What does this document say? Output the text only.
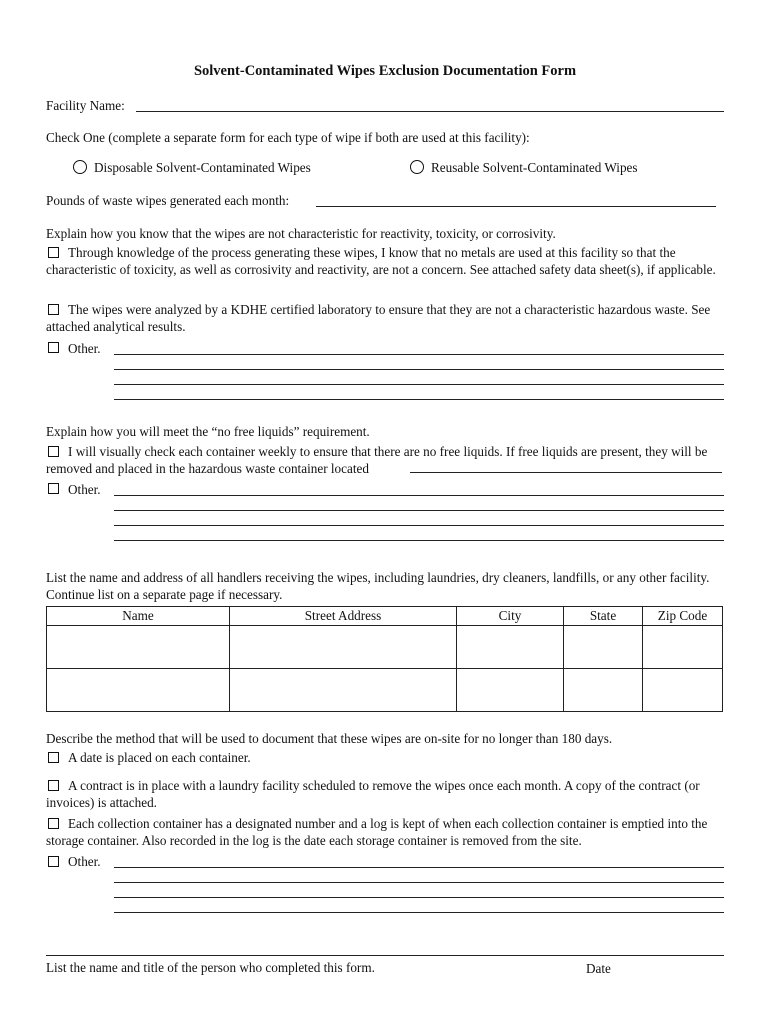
Solvent-Contaminated Wipes Exclusion Documentation Form
Facility Name:
Check One (complete a separate form for each type of wipe if both are used at this facility):
Disposable Solvent-Contaminated Wipes	Reusable Solvent-Contaminated Wipes
Pounds of waste wipes generated each month:
Explain how you know that the wipes are not characteristic for reactivity, toxicity, or corrosivity.
Through knowledge of the process generating these wipes, I know that no metals are used at this facility so that the characteristic of toxicity, as well as corrosivity and reactivity, are not a concern. See attached safety data sheet(s), if applicable.
The wipes were analyzed by a KDHE certified laboratory to ensure that they are not a characteristic hazardous waste. See attached analytical results.
Other.
Explain how you will meet the “no free liquids” requirement.
I will visually check each container weekly to ensure that there are no free liquids. If free liquids are present, they will be removed and placed in the hazardous waste container located
Other.
List the name and address of all handlers receiving the wipes, including laundries, dry cleaners, landfills, or any other facility. Continue list on a separate page if necessary.
Name	Street Address	City	State	Zip Code

Describe the method that will be used to document that these wipes are on-site for no longer than 180 days.
A date is placed on each container.
A contract is in place with a laundry facility scheduled to remove the wipes once each month. A copy of the contract (or invoices) is attached.
Each collection container has a designated number and a log is kept of when each collection container is emptied into the storage container. Also recorded in the log is the date each storage container is removed from the site.
Other.
List the name and title of the person who completed this form.	Date
